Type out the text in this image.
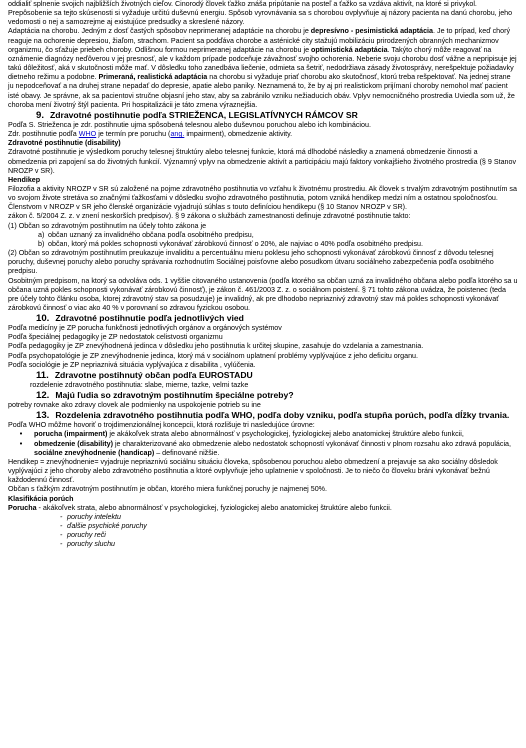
oddialiť splnenie svojich najbližších životných cieľov. Cinorodý človek ťažko znáša pripútanie na posteľ a ťažko sa vzdáva aktivít, na ktoré si privykol. Prepôsobenie sa tejto skúsenosti si vyžaduje určitú duševnú energiu. Spôsob vyrovnávania sa s chorobou ovplyvňuje aj názory pacienta na danú chorobu, jeho vedomosti o nej a samozrejme aj existujúce predsudky a skreslené názory.

Adaptácia na chorobu. Jedným z dosť častých spôsobov neprimeranej adaptácie na chorobu je depresívno - pesimistická adaptácia. Je to prípad, keď chorý reaguje na ochorenie depresiou, žiaľom, strachom. Pacient sa podďáva chorobe a asténické city stažujú mobilizáciu prirodzených obranných mechanizmov organizmu, čo sťažuje priebeh choroby. Odlišnou formou neprimeranej adaptácie na chorobu je optimistická adaptácia. Takýto chorý môže reagovať na oznámenie diagnózy neďôverou v jej presnosť, ale v každom prípade podceňuje závažnosť svojho ochorenia. Neberie svoju chorobu dosť vážne a nepripisuje jej takú dôležitosť, aká v skutočnosti môže mať. V dôsledku toho zanedbáva liečenie, odmieta sa šetriť, nedodržiava zásady životosprávy, nerešpektuje požiadavky dietneho režimu a podobne. Primeraná, realistická adaptácia na chorobu si vyžaduje priať chorobu ako skutočnosť, ktorú treba rešpektovať. Na jednej strane ju nepodceňovať a na druhej strane nepadať do depresie, apatie alebo paniky. Neznamená to, že by aj pri realistickom prijímaní choroby nemohol mať pacient isté obavy. Je správne, ak sa pacientovi stručne objasní jeho stav, aby sa zabránilo vzniku nežiaducich obáv. Vplyv nemocničného prostredia Uviedla som už, že choroba mení životný štýl pacienta. Pri hospitalizácii je táto zmena výraznejšia.

9. Zdravotné postihnutie podľa STRIEŽENCA, LEGISLATÍVNYCH RÁMCOV SR

Podľa S. Strieženca je zdr. postihnutie ujma spôsobená telesnou alebo duševnou poruchou alebo ich kombináciou.

Zdr. postihnutie podľa WHO je termín pre poruchu (ang. impairment), obmedzenie aktivity.

Zdravotné postihnutie (disability)

Zdravotné postihnutie je výsledkom poruchy telesnej štruktúry alebo telesnej funkcie, ktorá má dlhodobé následky a znamená obmedzenie činnosti a obmedzenia pri zapojení sa do životných funkcií. Významný vplyv na obmedzenie aktivít a participáciu majú faktory vonkajšieho životného prostredia (§ 9 Stanov NROZP v SR).

Hendikep

Filozofia a aktivity NROZP v SR sú založené na pojme zdravotného postihnutia vo vzťahu k životnému prostrediu. Ak človek s trvalým zdravotným postihnutím sa vo svojom živote stretáva so značnými ťažkosťami v dôsledku svojho zdravotného postihnutia, potom vzniká hendikep medzi ním a ostatnou spoločnosťou. Členstvom v NROZP v SR jeho členské organizácie vyjadrujú súhlas s touto definíciou hendikepu (§ 10 Stanov NROZP v SR).

zákon č. 5/2004 Z. z. v znení neskorších predpisov). § 9 zákona o službách zamestnanosti definuje zdravotné postihnutie takto:

(1) Občan so zdravotným postihnutím na účely tohto zákona je

a) občan uznaný za invalidného občana podľa osobitného predpisu,
b) občan, ktorý má pokles schopnosti vykonávať zárobkovú činnosť o 20%, ale najviac o 40% podľa osobitného predpisu.

(2) Občan so zdravotným postihnutím preukazuje invaliditu a percentuálnu mieru poklesu jeho schopnosti vykonávať zárobkovú činnosť z dôvodu telesnej poruchy, duševnej poruchy alebo poruchy správania rozhodnutím Sociálnej poisťovne alebo posudkom útvaru sociálneho zabezpečenia podľa osobitného predpisu.

Osobitným predpisom, na ktorý sa odvoláva ods. 1 vyššie citovaného ustanovenia (podľa ktorého sa občan uzná za invalidného občana alebo podľa ktorého sa u občana uzná pokles schopnosti vykonávať zárobkovú činnosť), je zákon č. 461/2003 Z. z. o sociálnom poistení. § 71 tohto zákona uvádza, že poistenec (teda pre účely tohto článku osoba, ktorej zdravotný stav sa posudzuje) je invalidný, ak pre dlhodobo nepriaznivý zdravotný stav má pokles schopnosti vykonávať zárobkovú činnosť o viac ako 40 % v porovnaní so zdravou fyzickou osobou.

10. Zdravotné postihnutie podľa jednotlivých vied

Podľa medicíny je ZP porucha funkčnosti jednotlivých orgánov a orgánových systémov

Podľa špeciálnej pedagogiky je ZP nedostatok celistvosti organizmu

Podľa pedagogiky je ZP znevýhodnená jedinca v dôsledku jeho postihnutia k určitej skupine, zasahuje do vzdelania a zamestnania.

Podľa psychopatológie je ZP znevýhodnenie jedinca, ktorý má v sociálnom uplatnení problémy vyplývajúce z jeho deficitu organu.

Podľa sociológie je ZP nepriaznivá situácia vyplývajúca z disabilita , vylúčenia.

11. Zdravotne postihnutý občan podľa EUROSTADU

rozdelenie zdravotného postihnutia: slabe, mierne, tazke, velmi tazke

12. Majú ľudia so zdravotným postihnutím špeciálne potreby?

potreby rovnake ako zdravy clovek ale podmienky na uspokojenie potrieb su ine

13. Rozdelenia zdravotného postihnutia podľa WHO, podľa doby vzniku, podľa stupňa porúch, podľa dĺžky trvania.

Podľa WHO môžme hovoriť o trojdimenzionálnej koncepcii, ktorá rozlišuje tri nasledujúce úrovne:

•	porucha (impairment) je akákoľvek strata alebo abnormálnosť v psychologickej, fyziologickej alebo anatomickej štruktúre alebo funkcii,
•	obmedzenie (disability) je charakterizované ako obmedzenie alebo nedostatok schopností vykonávať činnosti v plnom rozsahu ako zdravá populácia,
sociálne znevýhodnenie (handicap) – definované nižšie.

Hendikep = znevýhodnenie= vyjadruje nepriaznivú sociálnu situáciu človeka, spôsobenou poruchou alebo obmedzení a prejavuje sa ako sociálny dôsledok vyplývajúci z jeho choroby alebo zdravotného postihnutia a ktoré ovplyvňuje jeho uplatnenie v spoločnosti. Je to niečo čo človeku bráni vykonávať bežnú každodennú činnosť.

Občan s ťažkým zdravotným postihnutím je občan, ktorého miera funkčnej poruchy je najmenej 50%.

Klasifikácia porúch

Porucha - akákoľvek strata, alebo abnormálnosť v psychologickej, fyziologickej alebo anatomickej štruktúre alebo funkcii.

- poruchy intelektu
- ďalšie psychické poruchy
- poruchy reči
- poruchy sluchu
